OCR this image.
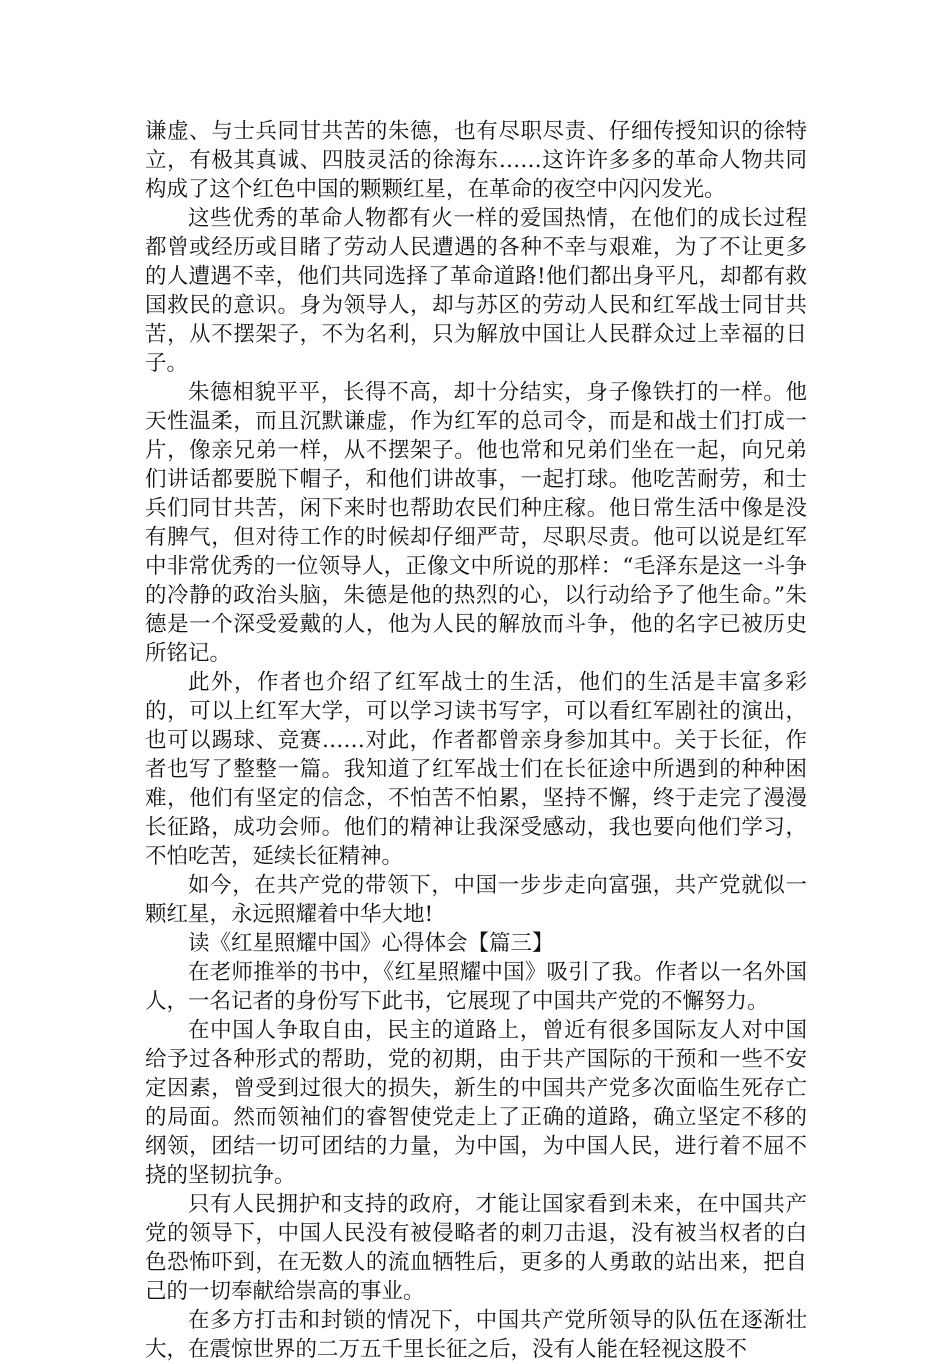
谦虚、与士兵同甘共苦的朱德，也有尽职尽责、仔细传授知识的徐特立，有极其真诚、四肢灵活的徐海东……这许许多多的革命人物共同构成了这个红色中国的颗颗红星，在革命的夜空中闪闪发光。

这些优秀的革命人物都有火一样的爱国热情，在他们的成长过程都曾或经历或目睹了劳动人民遭遇的各种不幸与艰难，为了不让更多的人遭遇不幸，他们共同选择了革命道路!他们都出身平凡，却都有救国救民的意识。身为领导人，却与苏区的劳动人民和红军战士同甘共苦，从不摆架子，不为名利，只为解放中国让人民群众过上幸福的日子。

朱德相貌平平，长得不高，却十分结实，身子像铁打的一样。他天性温柔，而且沉默谦虚，作为红军的总司令，而是和战士们打成一片，像亲兄弟一样，从不摆架子。他也常和兄弟们坐在一起，向兄弟们讲话都要脱下帽子，和他们讲故事，一起打球。他吃苦耐劳，和士兵们同甘共苦，闲下来时也帮助农民们种庄稼。他日常生活中像是没有脾气，但对待工作的时候却仔细严苛，尽职尽责。他可以说是红军中非常优秀的一位领导人，正像文中所说的那样：“毛泽东是这一斗争的冷静的政治头脑，朱德是他的热烈的心，以行动给予了他生命。”朱德是一个深受爱戴的人，他为人民的解放而斗争，他的名字已被历史所铭记。

此外，作者也介绍了红军战士的生活，他们的生活是丰富多彩的，可以上红军大学，可以学习读书写字，可以看红军剧社的演出，也可以踢球、竞赛……对此，作者都曾亲身参加其中。关于长征，作者也写了整整一篇。我知道了红军战士们在长征途中所遇到的种种困难，他们有坚定的信念，不怕苦不怕累，坚持不懈，终于走完了漫漫长征路，成功会师。他们的精神让我深受感动，我也要向他们学习，不怕吃苦，延续长征精神。

如今，在共产党的带领下，中国一步步走向富强，共产党就似一颗红星，永远照耀着中华大地!

读《红星照耀中国》心得体会【篇三】

在老师推举的书中，《红星照耀中国》吸引了我。作者以一名外国人，一名记者的身份写下此书，它展现了中国共产党的不懈努力。

在中国人争取自由，民主的道路上，曾近有很多国际友人对中国给予过各种形式的帮助，党的初期，由于共产国际的干预和一些不安定因素，曾受到过很大的损失，新生的中国共产党多次面临生死存亡的局面。然而领袖们的睿智使党走上了正确的道路，确立坚定不移的纲领，团结一切可团结的力量，为中国，为中国人民，进行着不屈不挠的坚韧抗争。

只有人民拥护和支持的政府，才能让国家看到未来，在中国共产党的领导下，中国人民没有被侵略者的刺刀击退，没有被当权者的白色恐怖吓到，在无数人的流血牺牲后，更多的人勇敢的站出来，把自己的一切奉献给崇高的事业。

在多方打击和封锁的情况下，中国共产党所领导的队伍在逐渐壮大，在震惊世界的二万五千里长征之后，没有人能在轻视这股不
